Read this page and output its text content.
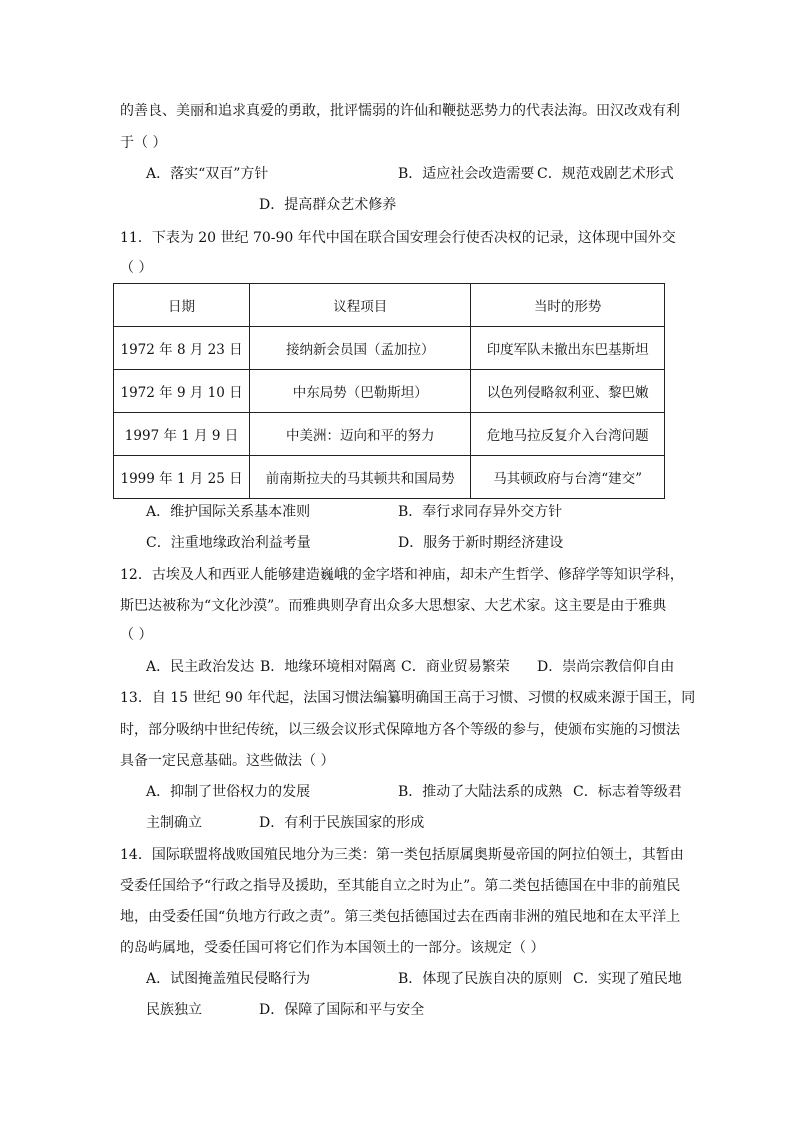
的善良、美丽和追求真爱的勇敢，批评懦弱的许仙和鞭挞恶势力的代表法海。田汉改戏有利
于（ ）
A．落实“双百”方针	B．适应社会改造需要 C．规范戏剧艺术形式
D．提高群众艺术修养
11．下表为 20 世纪 70-90 年代中国在联合国安理会行使否决权的记录，这体现中国外交
（ ）
日期	议程项目	当时的形势
1972 年 8 月 23 日	接纳新会员国（孟加拉）	印度军队未撤出东巴基斯坦
1972 年 9 月 10 日	中东局势（巴勒斯坦）	以色列侵略叙利亚、黎巴嫩
1997 年 1 月 9 日	中美洲：迈向和平的努力	危地马拉反复介入台湾问题
1999 年 1 月 25 日	前南斯拉夫的马其顿共和国局势	马其顿政府与台湾“建交”
A．维护国际关系基本准则	B．奉行求同存异外交方针
C．注重地缘政治利益考量	D．服务于新时期经济建设
12．古埃及人和西亚人能够建造巍峨的金字塔和神庙，却未产生哲学、修辞学等知识学科，
斯巴达被称为“文化沙漠”。而雅典则孕育出众多大思想家、大艺术家。这主要是由于雅典
（ ）
A．民主政治发达 B．地缘环境相对隔离 C．商业贸易繁荣 D．崇尚宗教信仰自由
13．自 15 世纪 90 年代起，法国习惯法编纂明确国王高于习惯、习惯的权威来源于国王，同
时，部分吸纳中世纪传统，以三级会议形式保障地方各个等级的参与，使颁布实施的习惯法
具备一定民意基础。这些做法（ ）
A．抑制了世俗权力的发展	B．推动了大陆法系的成熟 C．标志着等级君
主制确立	D．有利于民族国家的形成
14．国际联盟将战败国殖民地分为三类：第一类包括原属奥斯曼帝国的阿拉伯领土，其暂由
受委任国给予“行政之指导及援助，至其能自立之时为止”。第二类包括德国在中非的前殖民
地，由受委任国“负地方行政之责”。第三类包括德国过去在西南非洲的殖民地和在太平洋上
的岛屿属地，受委任国可将它们作为本国领土的一部分。该规定（ ）
A．试图掩盖殖民侵略行为	B．体现了民族自决的原则 C．实现了殖民地
民族独立	D．保障了国际和平与安全
